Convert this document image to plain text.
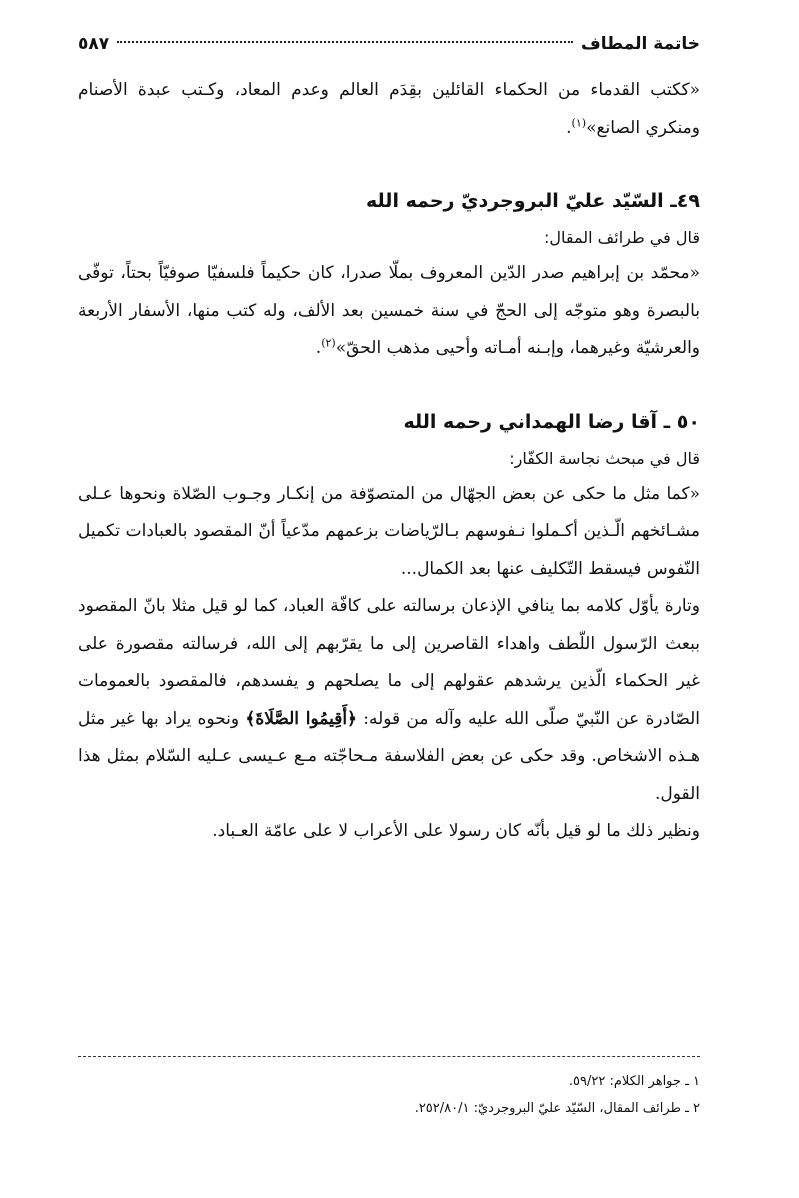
خاتمة المطاف
٥٨٧

«ككتب القدماء من الحكماء القائلين بقِدَم العالم وعدم المعاد، وكـتب عبدة الأصنام ومنكري الصانع»$^{(١)}$.

٤٩ـ السّيّد عليّ البروجرديّ رحمه الله
قال في طرائف المقال:

«محمّد بن إبراهيم صدر الدّين المعروف بملّا صدرا، كان حكيماً فلسفيّا صوفيّاً بحتاً، توفّى بالبصرة وهو متوجّه إلى الحجّ في سنة خمسين بعد الألف، وله كتب منها، الأسفار الأربعة والعرشيّة وغيرهما، وإبـنه أمـاته وأحيى مذهب الحقّ»$^{(٢)}$.

٥٠ ـ آقا رضا الهمداني رحمه الله
قال في مبحث نجاسة الكفّار:

«كما مثل ما حكى عن بعض الجهّال من المتصوّفة من إنكـار وجـوب الصّلاة ونحوها عـلى مشـائخهم الّـذين أكـملوا نـفوسهم بـالرّياضات بزعمهم مدّعياً أنّ المقصود بالعبادات تكميل النّفوس فيسقط التّكليف عنها بعد الكمال...

وتارة يأوّل كلامه بما ينافي الإذعان برسالته على كافّة العباد، كما لو قيل مثلا بانّ المقصود ببعث الرّسول اللّطف واهداء القاصرين إلى ما يقرّبهم إلى الله، فرسالته مقصورة على غير الحكماء الّذين يرشدهم عقولهم إلى ما يصلحهم و يفسدهم، فالمقصود بالعمومات الصّادرة عن النّبيّ صلّى الله عليه وآله من قوله: ﴿أَقِيمُوا الصَّلَاةَ﴾ ونحوه يراد بها غير مثل هـذه الاشخاص. وقد حكى عن بعض الفلاسفة مـحاجّته مـع عـيسى عـليه السّلام بمثل هذا القول.

ونظير ذلك ما لو قيل بأنّه كان رسولا على الأعراب لا على عامّة العـباد.

١ ـ جواهر الكلام: ٥٩/٢٢.
٢ ـ طرائف المقال، السّيّد عليّ البروجرديّ: ٢٥٢/٨٠/١.
